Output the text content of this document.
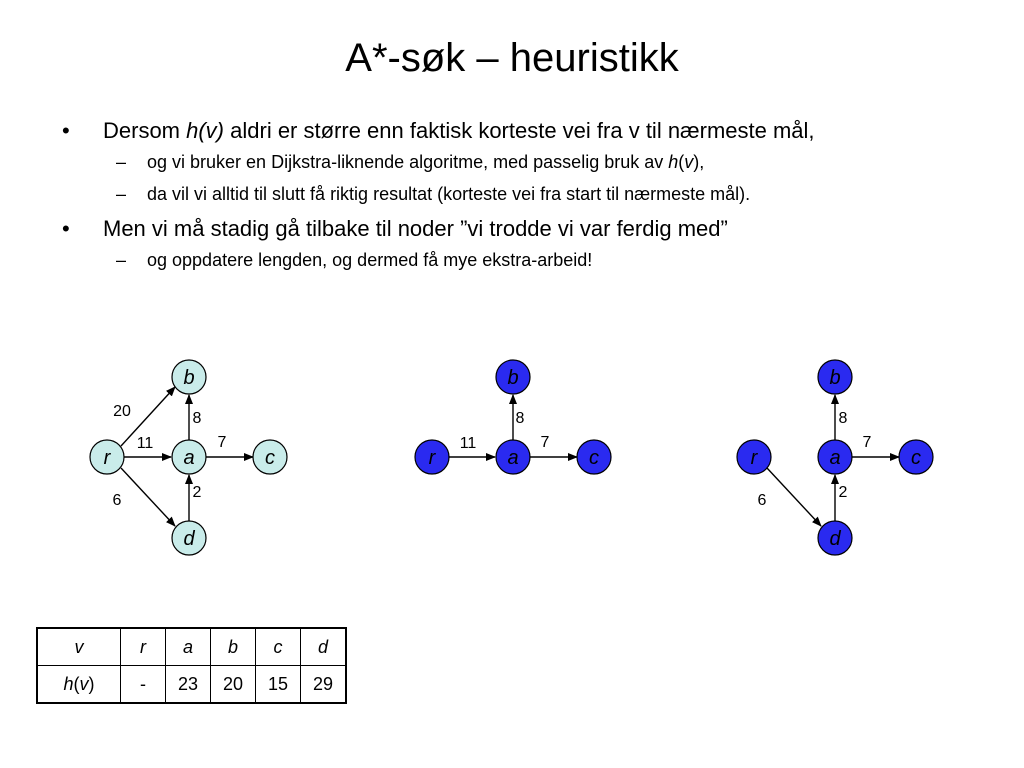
A*-søk – heuristikk
• Dersom h(v) aldri er større enn faktisk korteste vei fra v til nærmeste mål,
– og vi bruker en Dijkstra-liknende algoritme, med passelig bruk av h(v),
– da vil vi alltid til slutt få riktig resultat (korteste vei fra start til nærmeste mål).
• Men vi må stadig gå tilbake til noder ”vi trodde vi var ferdig med”
– og oppdatere lengden, og dermed få mye ekstra-arbeid!
20	8
11	7
6	2
b
r	a	c
d
8
11	7
b
r	a	c
8
7
6	2
b
r	a	c
d
v	r	a	b	c	d
h(v)	-	23	20	15	29
